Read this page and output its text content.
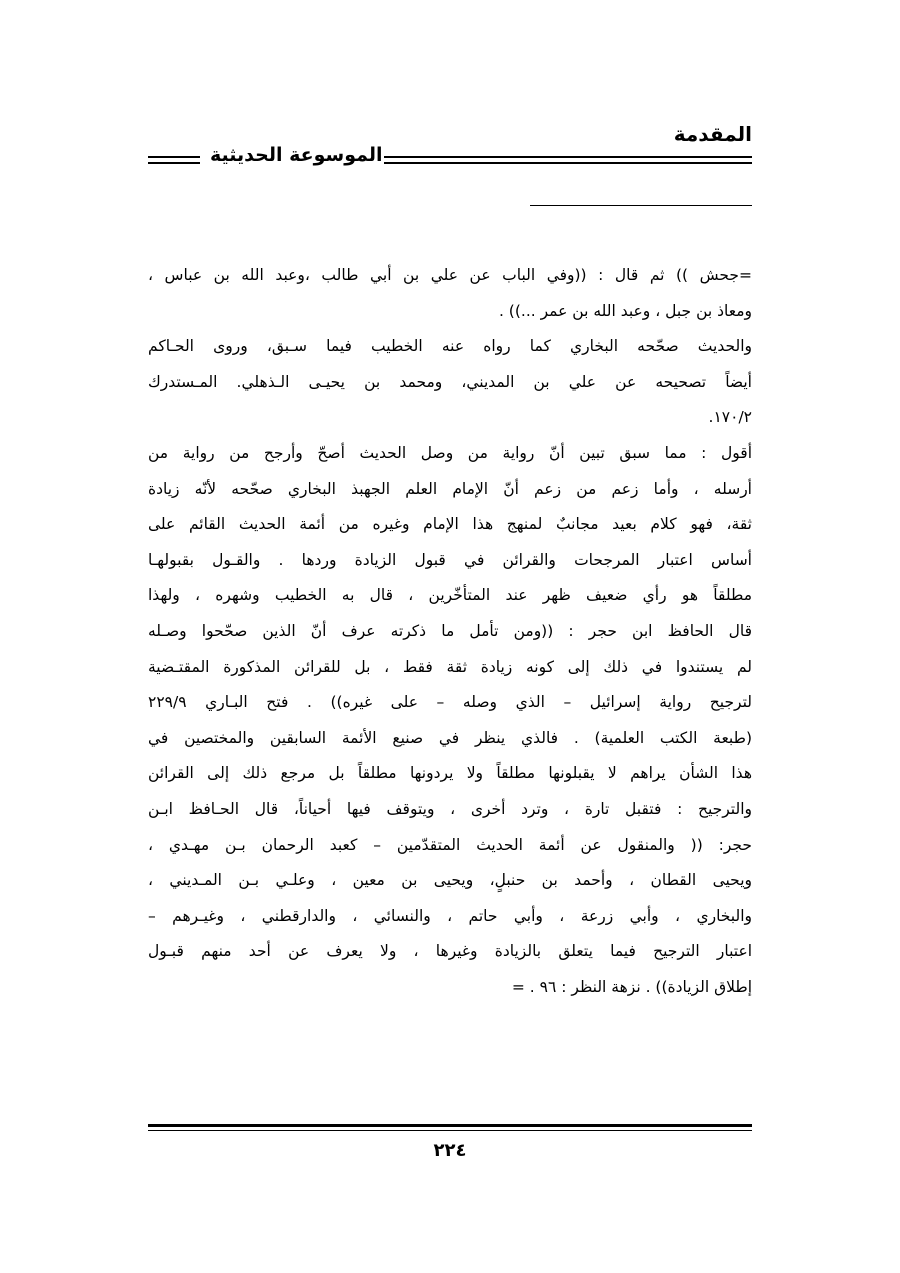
المقدمة
الموسوعة الحديثية
=جحش )) ثم قال : ((وفي الباب عن علي بن أبي طالب ،وعبد الله بن عباس ،
ومعاذ بن جبل ، وعبد الله بن عمر ...)) .
والحديث صحّحه البخاري كما رواه عنه الخطيب فيما سـبق، وروى الحـاكم
أيضاً تصحيحه عن علي بن المديني، ومحمد بن يحيـى الـذهلي. المـستدرك
١٧٠/٢.
أقول : مما سبق تبين أنّ رواية من وصل الحديث أصحّ وأرجح من رواية من
أرسله ، وأما زعم من زعم أنّ الإمام العلم الجهبذ البخاري صحّحه لأنّه زيادة
ثقة، فهو كلام بعيد مجانبٌ لمنهج هذا الإمام وغيره من أئمة الحديث القائم على
أساس اعتبار المرجحات والقرائن في قبول الزيادة وردها . والقـول بقبولهـا
مطلقاً هو رأي ضعيف ظهر عند المتأخّرين ، قال به الخطيب وشهره ، ولهذا
قال الحافظ ابن حجر : ((ومن تأمل ما ذكرته عرف أنّ الذين صحّحوا وصـله
لم يستندوا في ذلك إلى كونه زيادة ثقة فقط ، بل للقرائن المذكورة المقتـضية
لترجيح رواية إسرائيل – الذي وصله – على غيره)) . فتح البـاري ٢٢٩/٩
(طبعة الكتب العلمية) . فالذي ينظر في صنيع الأئمة السابقين والمختصين في
هذا الشأن يراهم لا يقبلونها مطلقاً ولا يردونها مطلقاً بل مرجع ذلك إلى القرائن
والترجيح : فتقبل تارة ، وترد أخرى ، ويتوقف فيها أحياناً، قال الحـافظ ابـن
حجر: (( والمنقول عن أئمة الحديث المتقدّمين – كعبد الرحمان بـن مهـدي ،
ويحيى القطان ، وأحمد بن حنبلٍ، ويحيى بن معين ، وعلـي بـن المـديني ،
والبخاري ، وأبي زرعة ، وأبي حاتم ، والنسائي ، والدارقطني ، وغيـرهم –
اعتبار الترجيح فيما يتعلق بالزيادة وغيرها ، ولا يعرف عن أحد منهم قبـول
إطلاق الزيادة)) . نزهة النظر : ٩٦ . =
٢٢٤
